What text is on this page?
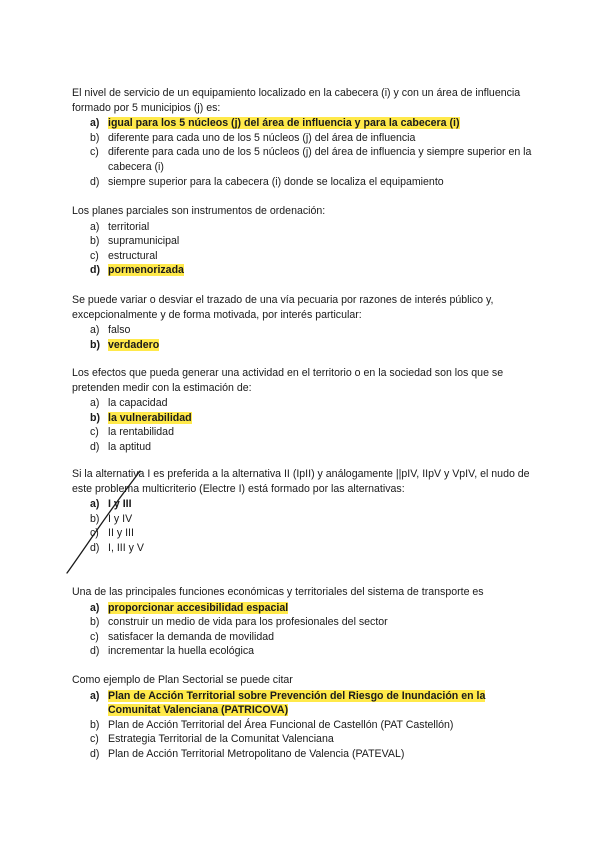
El nivel de servicio de un equipamiento localizado en la cabecera (i) y con un área de influencia formado por 5 municipios (j) es:

a) igual para los 5 núcleos (j) del área de influencia y para la cabecera (i)
b) diferente para cada uno de los 5 núcleos (j) del área de influencia
c) diferente para cada uno de los 5 núcleos (j) del área de influencia y siempre superior en la cabecera (i)
d) siempre superior para la cabecera (i) donde se localiza el equipamiento

Los planes parciales son instrumentos de ordenación:

a) territorial
b) supramunicipal
c) estructural
d) pormenorizada

Se puede variar o desviar el trazado de una vía pecuaria por razones de interés público y, excepcionalmente y de forma motivada, por interés particular:

a) falso
b) verdadero

Los efectos que pueda generar una actividad en el territorio o en la sociedad son los que se pretenden medir con la estimación de:

a) la capacidad
b) la vulnerabilidad
c) la rentabilidad
d) la aptitud

Si la alternativa I es preferida a la alternativa II (IpII) y análogamente ||pIV, IIpV y VpIV, el nudo de este problema multicriterio (Electre I) está formado por las alternativas:

a) I y III
b) I y IV
c) II y III
d) I, III y V

Una de las principales funciones económicas y territoriales del sistema de transporte es

a) proporcionar accesibilidad espacial
b) construir un medio de vida para los profesionales del sector
c) satisfacer la demanda de movilidad
d) incrementar la huella ecológica

Como ejemplo de Plan Sectorial se puede citar

a) Plan de Acción Territorial sobre Prevención del Riesgo de Inundación en la Comunitat Valenciana (PATRICOVA)
b) Plan de Acción Territorial del Área Funcional de Castellón (PAT Castellón)
c) Estrategia Territorial de la Comunitat Valenciana
d) Plan de Acción Territorial Metropolitano de Valencia (PATEVAL)
